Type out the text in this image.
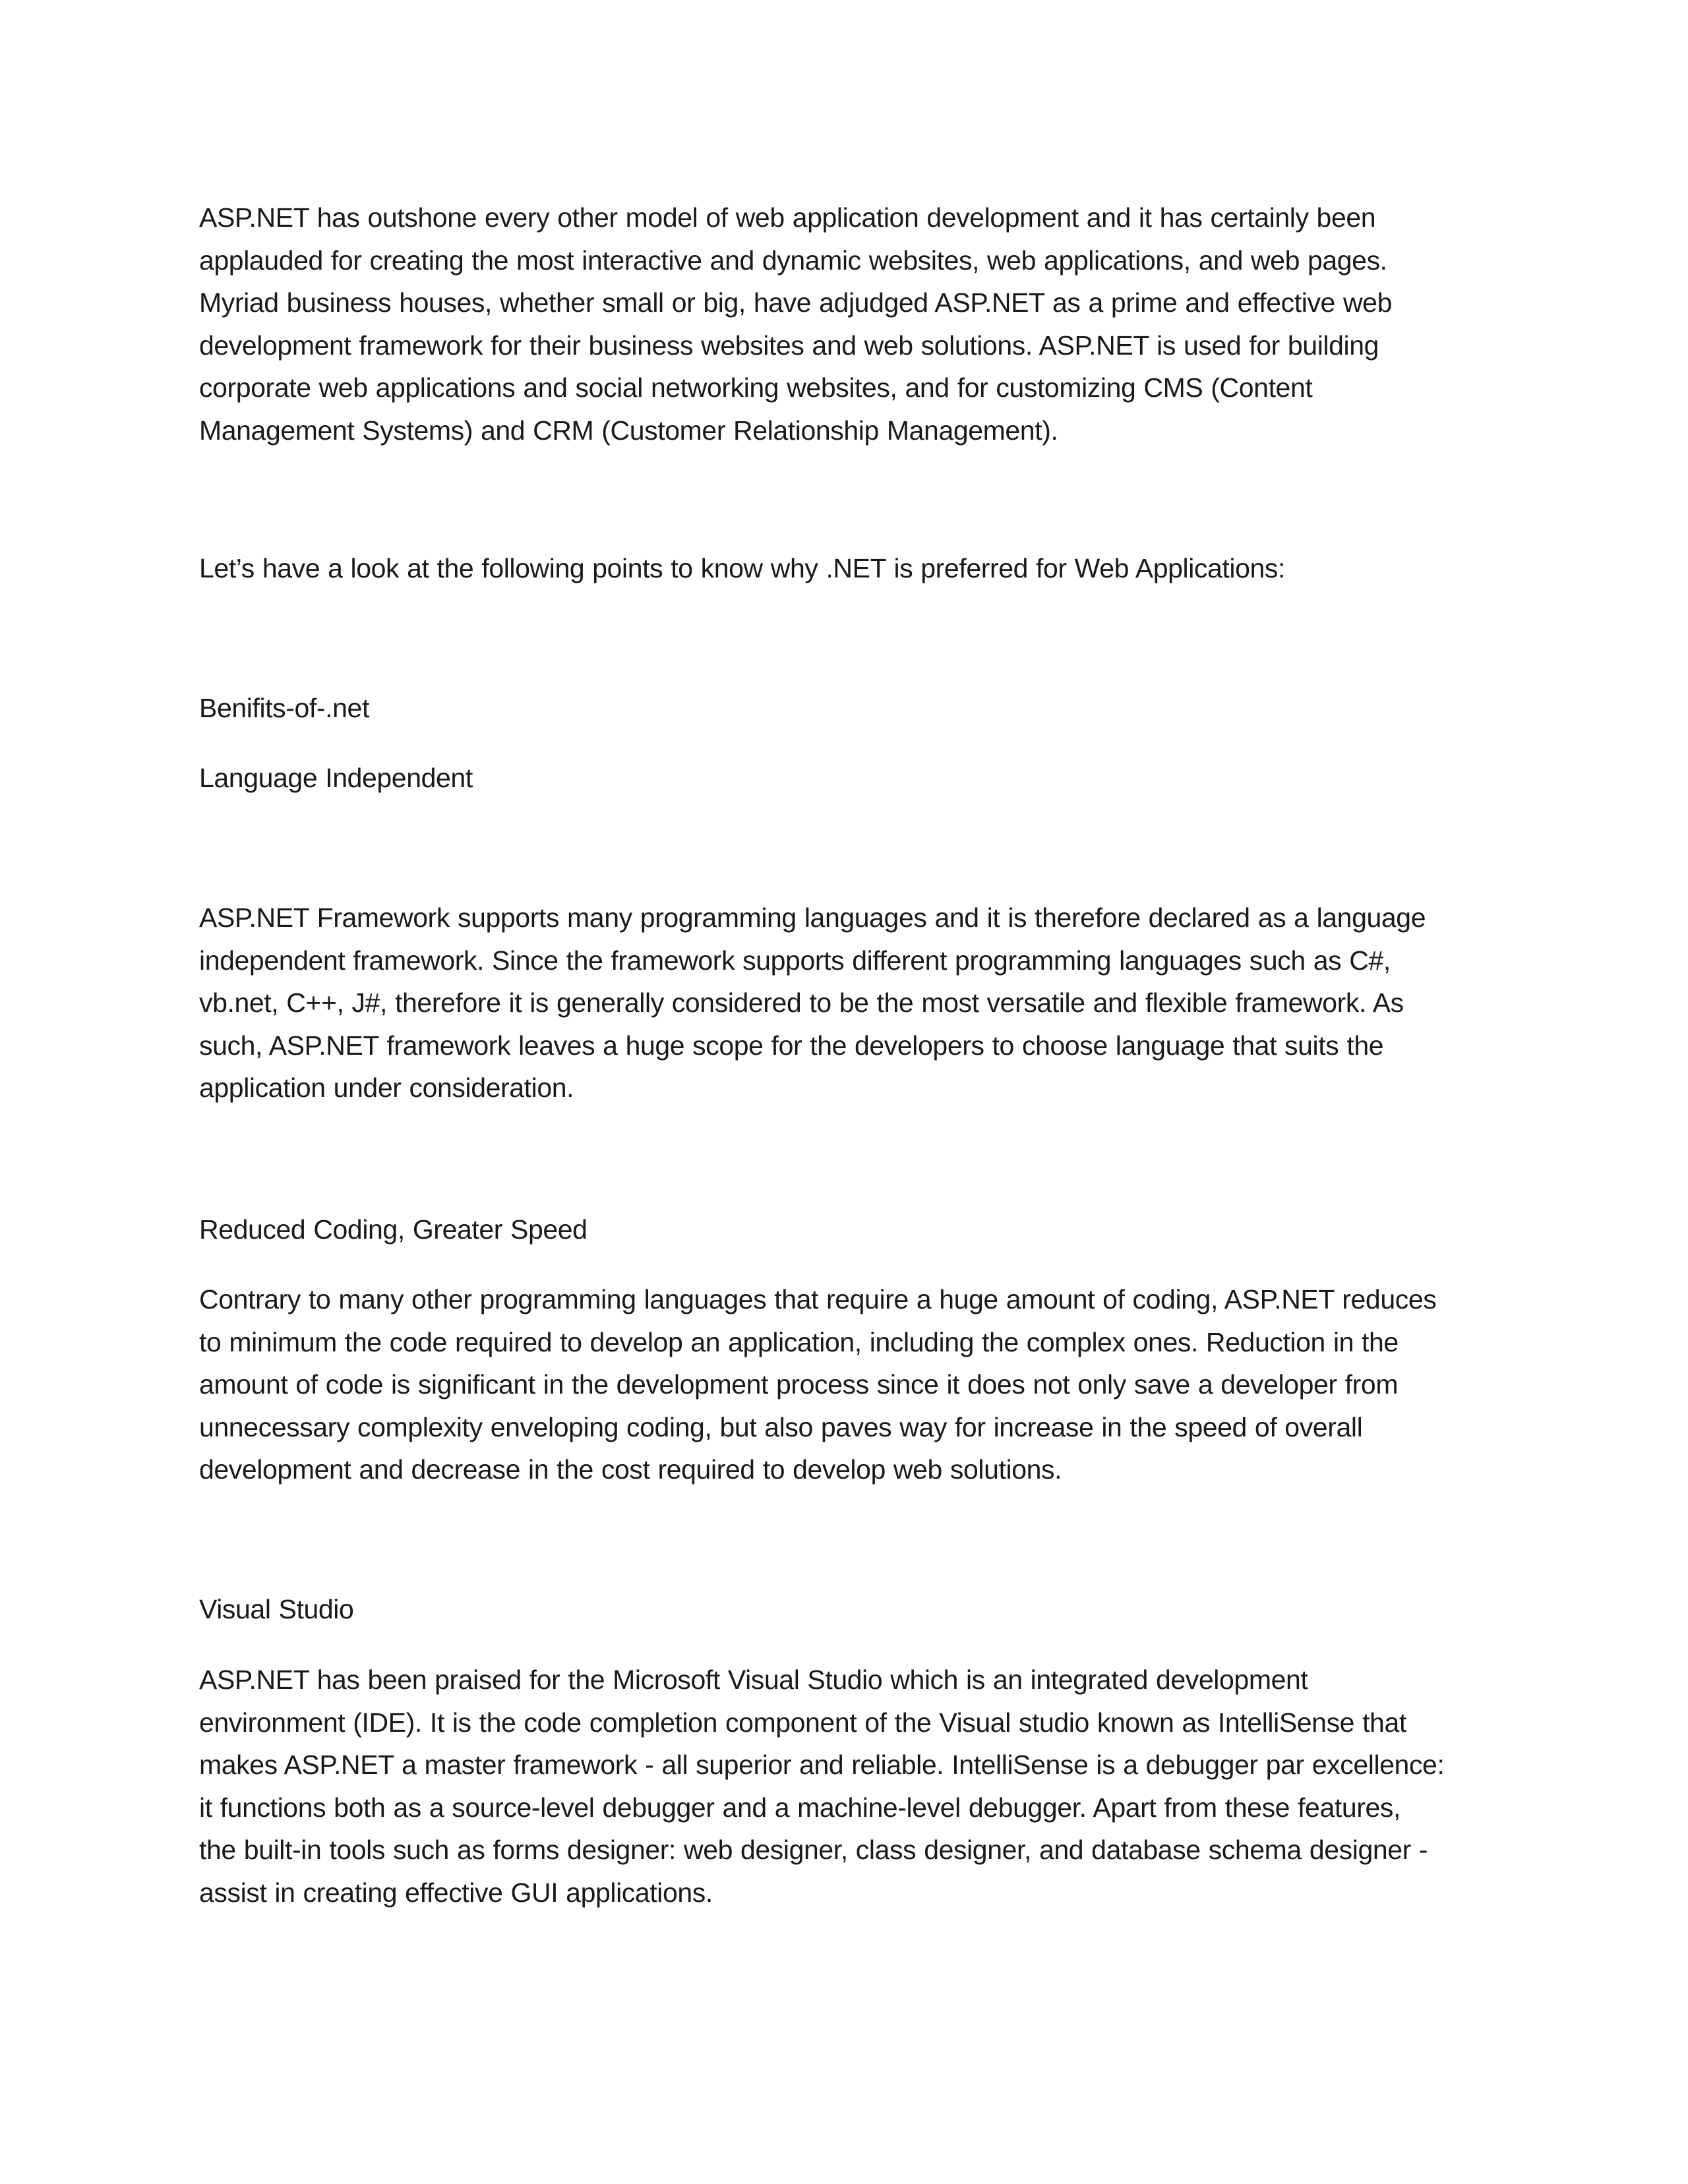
ASP.NET has outshone every other model of web application development and it has certainly been
applauded for creating the most interactive and dynamic websites, web applications, and web pages.
Myriad business houses, whether small or big, have adjudged ASP.NET as a prime and effective web
development framework for their business websites and web solutions. ASP.NET is used for building
corporate web applications and social networking websites, and for customizing CMS (Content
Management Systems) and CRM (Customer Relationship Management).

Let’s have a look at the following points to know why .NET is preferred for Web Applications:

Benifits-of-.net

Language Independent

ASP.NET Framework supports many programming languages and it is therefore declared as a language
independent framework. Since the framework supports different programming languages such as C#,
vb.net, C++, J#, therefore it is generally considered to be the most versatile and flexible framework. As
such, ASP.NET framework leaves a huge scope for the developers to choose language that suits the
application under consideration.

Reduced Coding, Greater Speed

Contrary to many other programming languages that require a huge amount of coding, ASP.NET reduces
to minimum the code required to develop an application, including the complex ones. Reduction in the
amount of code is significant in the development process since it does not only save a developer from
unnecessary complexity enveloping coding, but also paves way for increase in the speed of overall
development and decrease in the cost required to develop web solutions.

Visual Studio

ASP.NET has been praised for the Microsoft Visual Studio which is an integrated development
environment (IDE). It is the code completion component of the Visual studio known as IntelliSense that
makes ASP.NET a master framework - all superior and reliable. IntelliSense is a debugger par excellence:
it functions both as a source-level debugger and a machine-level debugger. Apart from these features,
the built-in tools such as forms designer: web designer, class designer, and database schema designer -
assist in creating effective GUI applications.
